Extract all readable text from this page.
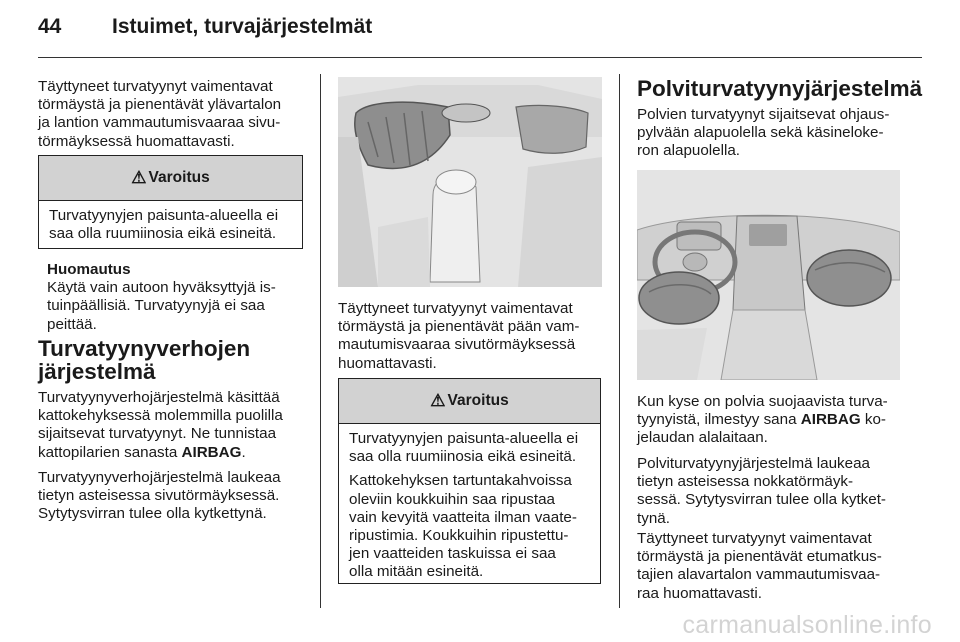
44 Istuimet, turvajärjestelmät

Täyttyneet turvatyynyt vaimentavat

törmäystä ja pienentävät ylävartalon

ja lantion vammautumisvaaraa sivu-

törmäyksessä huomattavasti.

⚠ Varoitus

Turvatyynyjen paisunta-alueella ei

saa olla ruumiinosia eikä esineitä.

Huomautus

Käytä vain autoon hyväksyttyjä is-

tuinpäällisiä. Turvatyynyjä ei saa

peittää.

Turvatyynyverhojen

järjestelmä

Turvatyynyverhojärjestelmä käsittää

kattokehyksessä molemmilla puolilla

sijaitsevat turvatyynyt. Ne tunnistaa

kattopilarien sanasta AIRBAG.

Turvatyynyverhojärjestelmä laukeaa

tietyn asteisessa sivutörmäyksessä.

Sytytysvirran tulee olla kytkettynä.

Täyttyneet turvatyynyt vaimentavat

törmäystä ja pienentävät pään vam-

mautumisvaaraa sivutörmäyksessä

huomattavasti.

⚠ Varoitus

Turvatyynyjen paisunta-alueella ei

saa olla ruumiinosia eikä esineitä.

Kattokehyksen tartuntakahvoissa

oleviin koukkuihin saa ripustaa

vain kevyitä vaatteita ilman vaate-

ripustimia. Koukkuihin ripustettu-

jen vaatteiden taskuissa ei saa

olla mitään esineitä.

Polviturvatyynyjärjestelmä

Polvien turvatyynyt sijaitsevat ohjaus-

pylvään alapuolella sekä käsineloke-

ron alapuolella.

Kun kyse on polvia suojaavista turva-

tyynyistä, ilmestyy sana AIRBAG ko-

jelaudan alalaitaan.

Polviturvatyynyjärjestelmä laukeaa

tietyn asteisessa nokkatörmäyk-

sessä. Sytytysvirran tulee olla kytket-

tynä.

Täyttyneet turvatyynyt vaimentavat

törmäystä ja pienentävät etumatkus-

tajien alavartalon vammautumisvaa-

raa huomattavasti.

carmanualsonline.info
